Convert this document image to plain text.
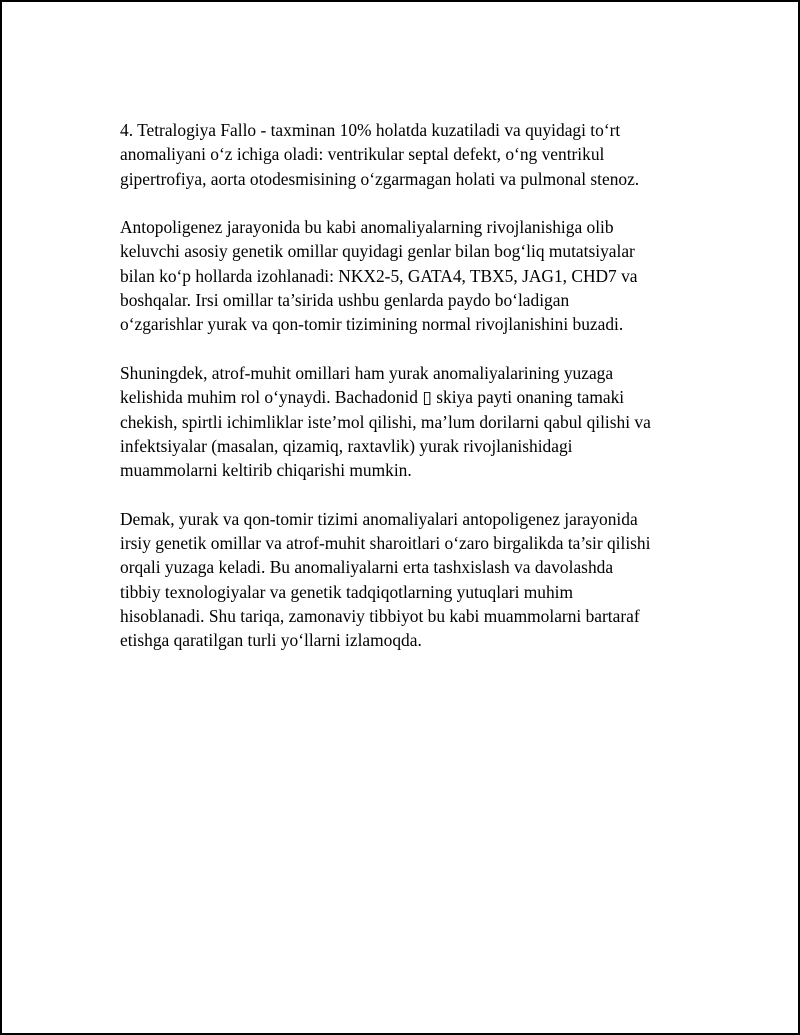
4. Tetralogiya Fallo - taxminan 10% holatda kuzatiladi va quyidagi to‘rt
anomaliyani o‘z ichiga oladi: ventrikular septal defekt, o‘ng ventrikul
gipertrofiya, aorta otodesmisining o‘zgarmagan holati va pulmonal stenoz.

Antopoligenez jarayonida bu kabi anomaliyalarning rivojlanishiga olib
keluvchi asosiy genetik omillar quyidagi genlar bilan bog‘liq mutatsiyalar
bilan ko‘p hollarda izohlanadi: NKX2-5, GATA4, TBX5, JAG1, CHD7 va
boshqalar. Irsi omillar ta’sirida ushbu genlarda paydo bo‘ladigan
o‘zgarishlar yurak va qon-tomir tizimining normal rivojlanishini buzadi.

Shuningdek, atrof-muhit omillari ham yurak anomaliyalarining yuzaga
kelishida muhim rol o‘ynaydi. Bachadonid ▯ skiya payti onaning tamaki
chekish, spirtli ichimliklar iste’mol qilishi, ma’lum dorilarni qabul qilishi va
infektsiyalar (masalan, qizamiq, raxtavlik) yurak rivojlanishidagi
muammolarni keltirib chiqarishi mumkin.

Demak, yurak va qon-tomir tizimi anomaliyalari antopoligenez jarayonida
irsiy genetik omillar va atrof-muhit sharoitlari o‘zaro birgalikda ta’sir qilishi
orqali yuzaga keladi. Bu anomaliyalarni erta tashxislash va davolashda
tibbiy texnologiyalar va genetik tadqiqotlarning yutuqlari muhim
hisoblanadi. Shu tariqa, zamonaviy tibbiyot bu kabi muammolarni bartaraf
etishga qaratilgan turli yo‘llarni izlamoqda.
